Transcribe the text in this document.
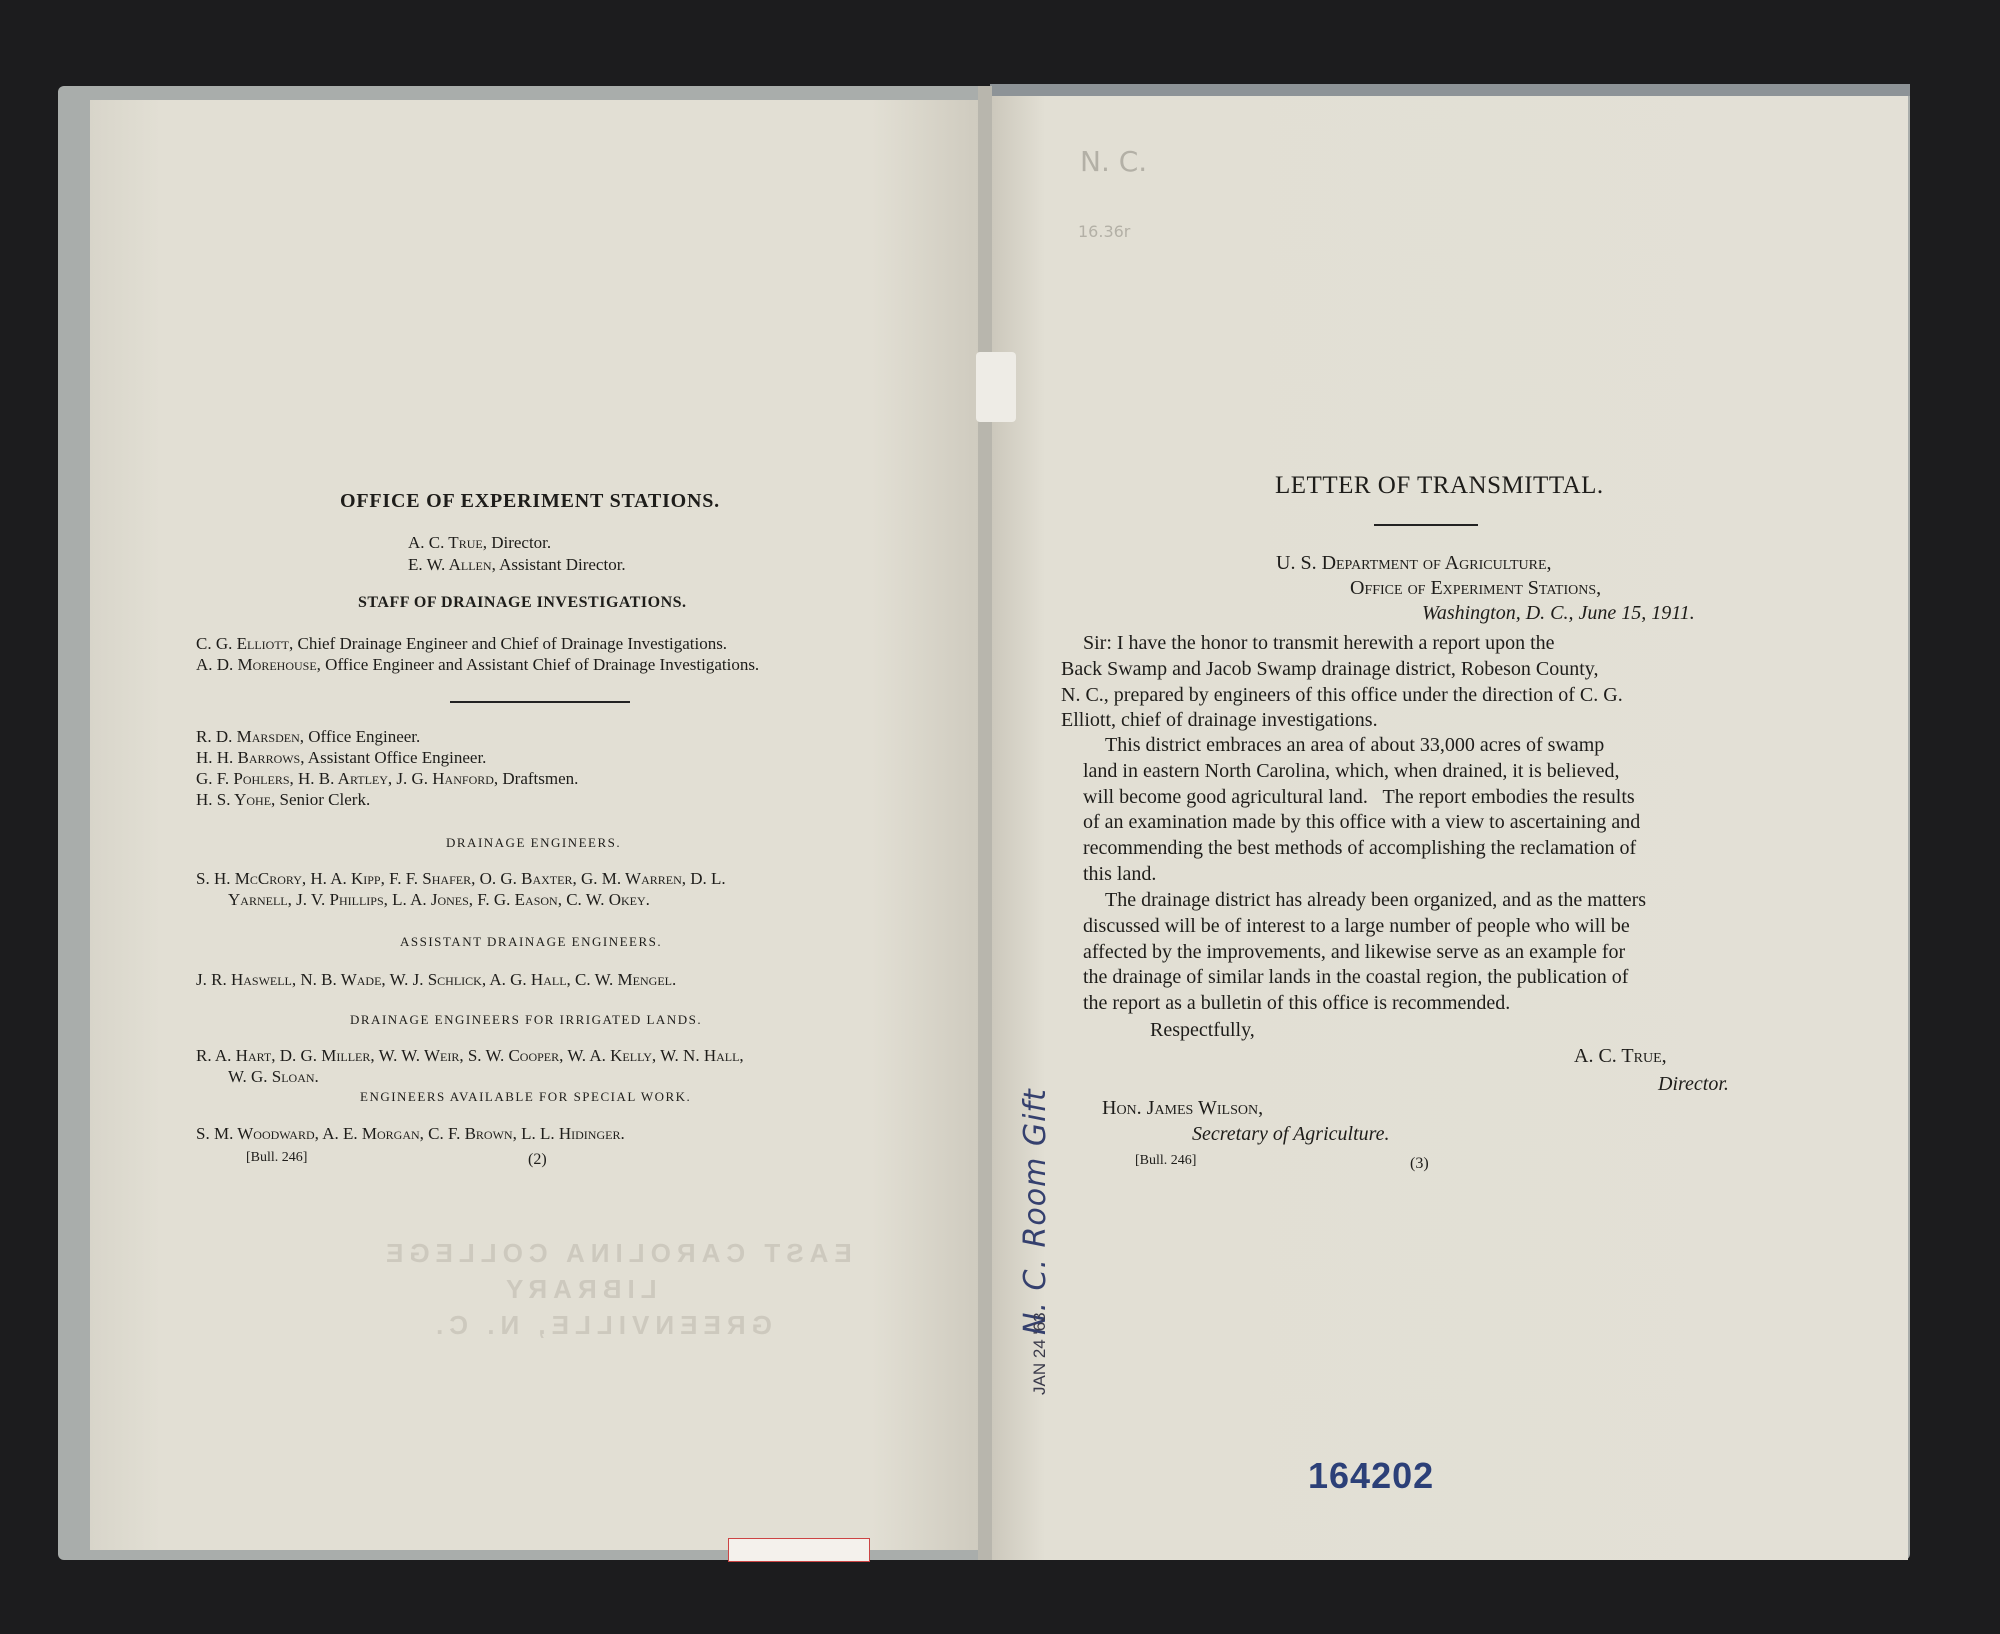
EAST CAROLINA COLLEGE
LIBRARY
GREENVILLE, N. C.
OFFICE OF EXPERIMENT STATIONS.
A. C. True, Director.
E. W. Allen, Assistant Director.
STAFF OF DRAINAGE INVESTIGATIONS.
C. G. Elliott, Chief Drainage Engineer and Chief of Drainage Investigations.
A. D. Morehouse, Office Engineer and Assistant Chief of Drainage Investigations.
R. D. Marsden, Office Engineer.
H. H. Barrows, Assistant Office Engineer.
G. F. Pohlers, H. B. Artley, J. G. Hanford, Draftsmen.
H. S. Yohe, Senior Clerk.
DRAINAGE ENGINEERS.
S. H. McCrory, H. A. Kipp, F. F. Shafer, O. G. Baxter, G. M. Warren, D. L.
Yarnell, J. V. Phillips, L. A. Jones, F. G. Eason, C. W. Okey.
ASSISTANT DRAINAGE ENGINEERS.
J. R. Haswell, N. B. Wade, W. J. Schlick, A. G. Hall, C. W. Mengel.
DRAINAGE ENGINEERS FOR IRRIGATED LANDS.
R. A. Hart, D. G. Miller, W. W. Weir, S. W. Cooper, W. A. Kelly, W. N. Hall,
W. G. Sloan.
ENGINEERS AVAILABLE FOR SPECIAL WORK.
S. M. Woodward, A. E. Morgan, C. F. Brown, L. L. Hidinger.
[Bull. 246]	(2)
N. C.
16.36r
LETTER OF TRANSMITTAL.
U. S. Department of Agriculture,
Office of Experiment Stations,
Washington, D. C., June 15, 1911.
Sir: I have the honor to transmit herewith a report upon the
Back Swamp and Jacob Swamp drainage district, Robeson County,
N. C., prepared by engineers of this office under the direction of C. G.
Elliott, chief of drainage investigations.
This district embraces an area of about 33,000 acres of swamp
land in eastern North Carolina, which, when drained, it is believed,
will become good agricultural land.   The report embodies the results
of an examination made by this office with a view to ascertaining and
recommending the best methods of accomplishing the reclamation of
this land.
The drainage district has already been organized, and as the matters
discussed will be of interest to a large number of people who will be
affected by the improvements, and likewise serve as an example for
the drainage of similar lands in the coastal region, the publication of
the report as a bulletin of this office is recommended.
Respectfully,
A. C. True,
Director.
Hon. James Wilson,
Secretary of Agriculture.
[Bull. 246]	(3)
N. C. Room Gift
JAN 24 '63
164202
